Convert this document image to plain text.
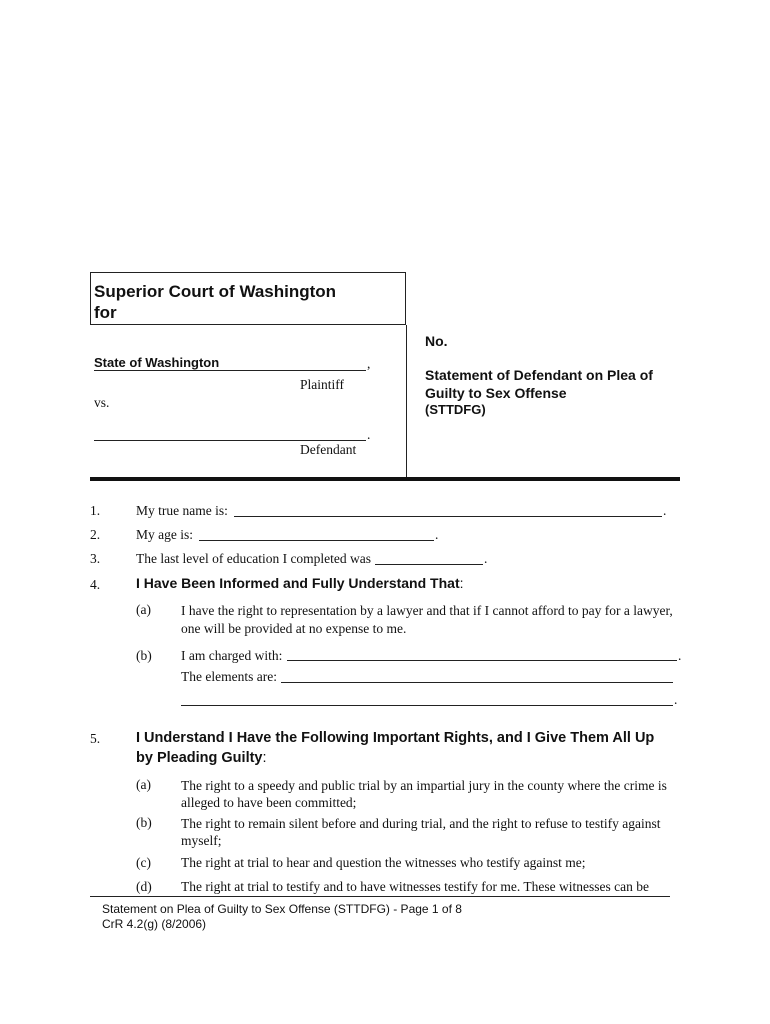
Superior Court of Washington
for
No.
State of Washington	,
Plaintiff
vs.
.
Defendant
Statement of Defendant on Plea of
Guilty to Sex Offense
(STTDFG)
1.	My true name is:	.
2.	My age is:	.
3.	The last level of education I completed was	.
4.	I Have Been Informed and Fully Understand That:
(a) I have the right to representation by a lawyer and that if I cannot afford to pay for a lawyer,
one will be provided at no expense to me.
(b) I am charged with:	.
The elements are:
.
5.	I Understand I Have the Following Important Rights, and I Give Them All Up
by Pleading Guilty:
(a) The right to a speedy and public trial by an impartial jury in the county where the crime is
alleged to have been committed;
(b) The right to remain silent before and during trial, and the right to refuse to testify against
myself;
(c) The right at trial to hear and question the witnesses who testify against me;
(d) The right at trial to testify and to have witnesses testify for me. These witnesses can be
Statement on Plea of Guilty to Sex Offense (STTDFG) - Page 1 of 8
CrR 4.2(g) (8/2006)
